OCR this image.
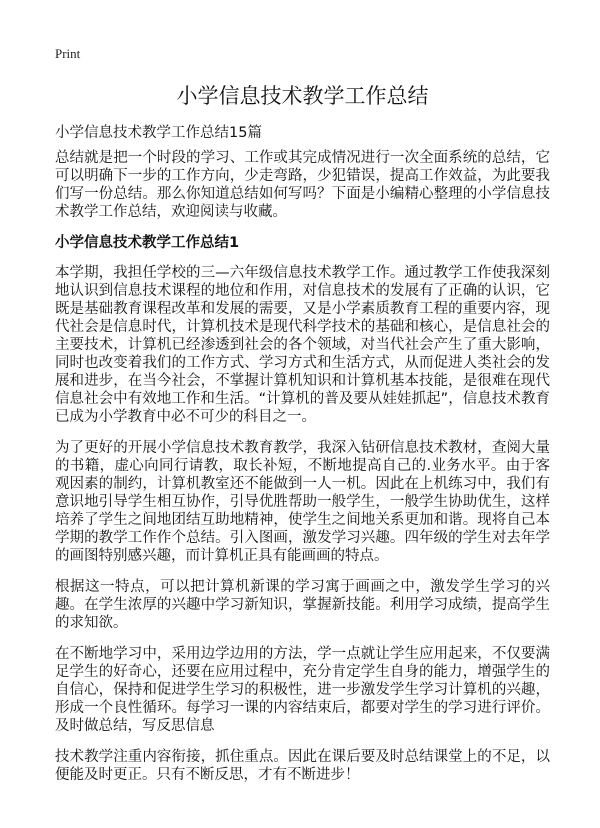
Print
小学信息技术教学工作总结
小学信息技术教学工作总结15篇

总结就是把一个时段的学习、工作或其完成情况进行一次全面系统的总结，它可以明确下一步的工作方向，少走弯路，少犯错误，提高工作效益，为此要我们写一份总结。那么你知道总结如何写吗？下面是小编精心整理的小学信息技术教学工作总结，欢迎阅读与收藏。

小学信息技术教学工作总结1

本学期，我担任学校的三—六年级信息技术教学工作。通过教学工作使我深刻地认识到信息技术课程的地位和作用，对信息技术的发展有了正确的认识，它既是基础教育课程改革和发展的需要，又是小学素质教育工程的重要内容，现代社会是信息时代，计算机技术是现代科学技术的基础和核心，是信息社会的主要技术，计算机已经渗透到社会的各个领域，对当代社会产生了重大影响，同时也改变着我们的工作方式、学习方式和生活方式，从而促进人类社会的发展和进步，在当今社会，不掌握计算机知识和计算机基本技能，是很难在现代信息社会中有效地工作和生活。“计算机的普及要从娃娃抓起”，信息技术教育已成为小学教育中必不可少的科目之一。

为了更好的开展小学信息技术教育教学，我深入钻研信息技术教材，查阅大量的书籍，虚心向同行请教，取长补短，不断地提高自己的.业务水平。由于客观因素的制约，计算机教室还不能做到一人一机。因此在上机练习中，我们有意识地引导学生相互协作，引导优胜帮助一般学生，一般学生协助优生，这样培养了学生之间地团结互助地精神，使学生之间地关系更加和谐。现将自己本学期的教学工作作个总结。引入图画，激发学习兴趣。四年级的学生对去年学的画图特别感兴趣，而计算机正具有能画画的特点。

根据这一特点，可以把计算机新课的学习寓于画画之中，激发学生学习的兴趣。在学生浓厚的兴趣中学习新知识，掌握新技能。利用学习成绩，提高学生的求知欲。

在不断地学习中，采用边学边用的方法，学一点就让学生应用起来，不仅要满足学生的好奇心，还要在应用过程中，充分肯定学生自身的能力，增强学生的自信心，保持和促进学生学习的积极性，进一步激发学生学习计算机的兴趣，形成一个良性循环。每学习一课的内容结束后，都要对学生的学习进行评价。及时做总结，写反思信息

技术教学注重内容衔接，抓住重点。因此在课后要及时总结课堂上的不足，以便能及时更正。只有不断反思，才有不断进步！
